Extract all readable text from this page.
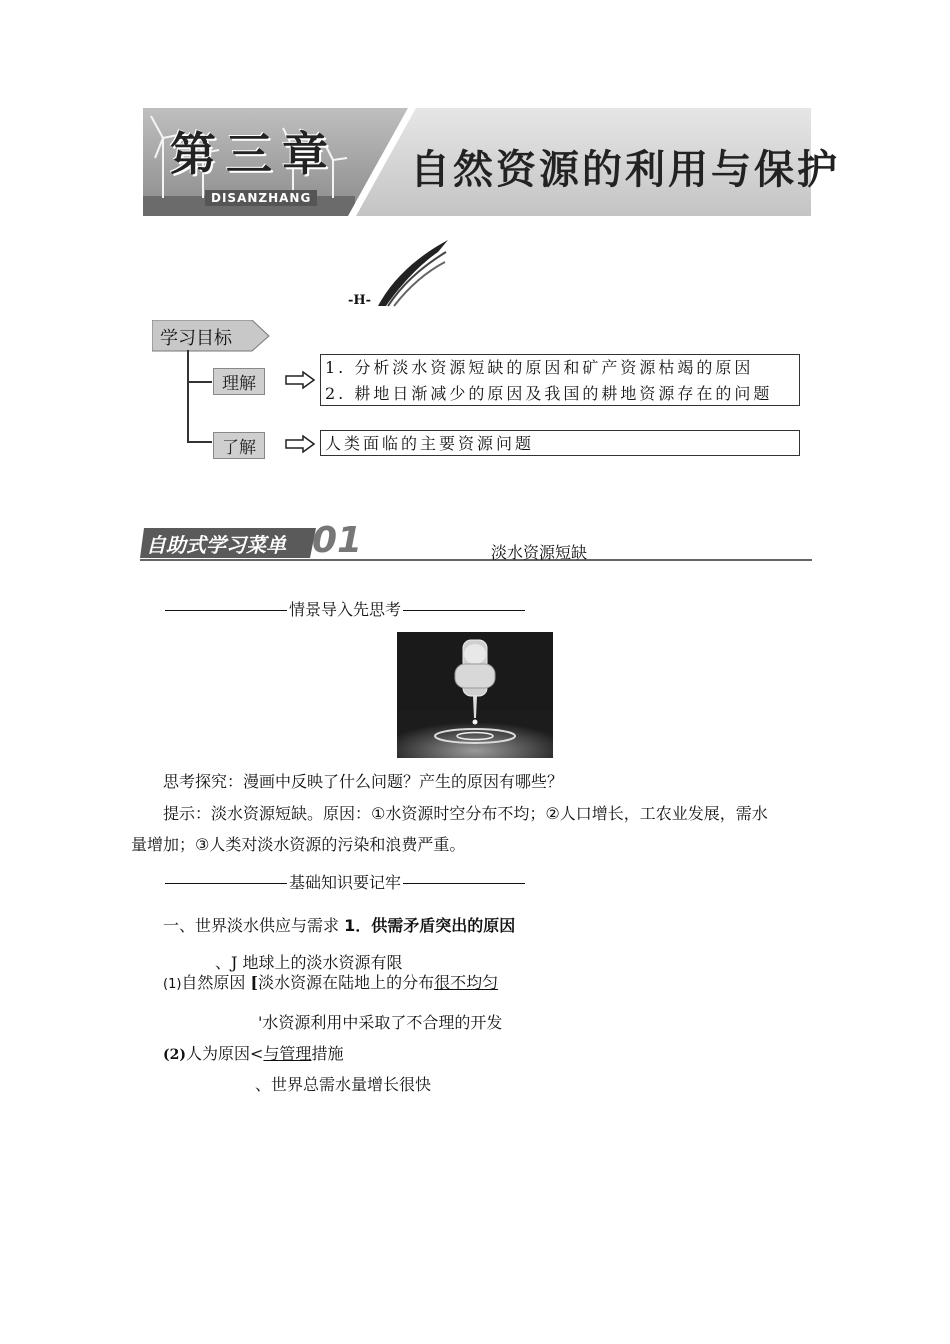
第三章
DISANZHANG
自然资源的利用与保护
-H-
学习目标
理解
1. 分析淡水资源短缺的原因和矿产资源枯竭的原因
2. 耕地日渐减少的原因及我国的耕地资源存在的问题
了解	人类面临的主要资源问题
自助式学习菜单 01	淡水资源短缺
情景导入先思考
思考探究：漫画中反映了什么问题？产生的原因有哪些？
提示：淡水资源短缺。原因：①水资源时空分布不均；②人口增长，工农业发展，需水
量增加；③人类对淡水资源的污染和浪费严重。
基础知识要记牢
一、世界淡水供应与需求 1．供需矛盾突出的原因
、J 地球上的淡水资源有限
(1)自然原因 [淡水资源在陆地上的分布很不均匀
'水资源利用中采取了不合理的开发
(2)人为原因<与管理措施
、世界总需水量增长很快
